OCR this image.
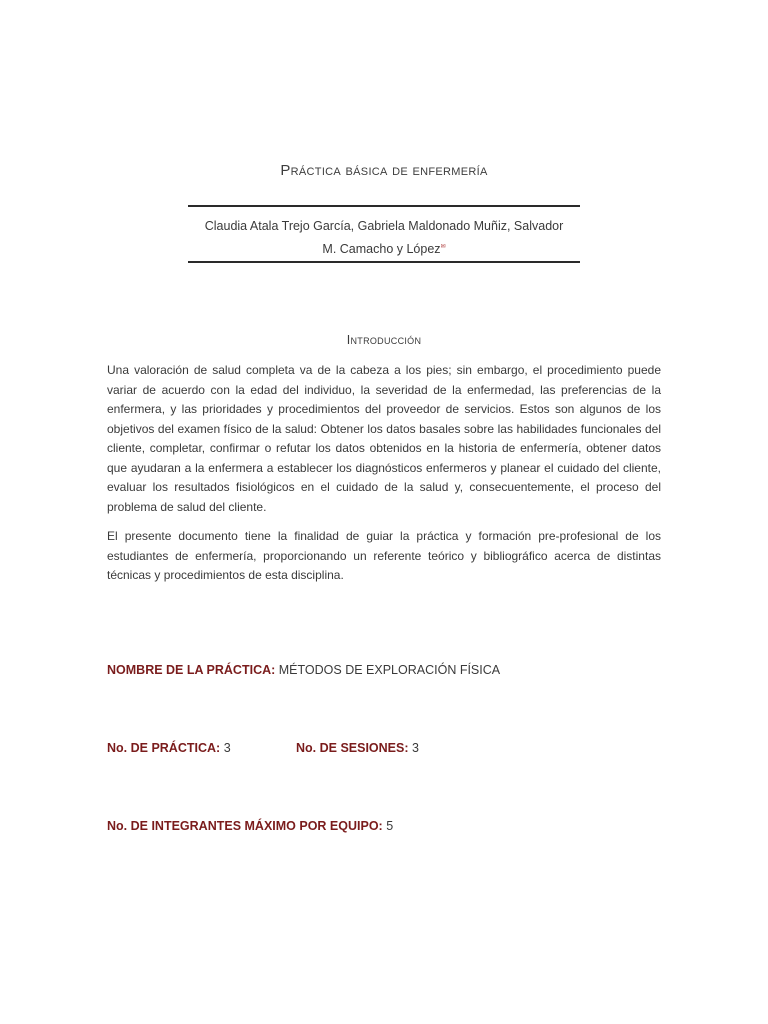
Práctica básica de enfermería
Claudia Atala Trejo García, Gabriela Maldonado Muñiz, Salvador
M. Camacho y López✉
Introducción

Una valoración de salud completa va de la cabeza a los pies; sin embargo, el procedimiento puede variar de acuerdo con la edad del individuo, la severidad de la enfermedad, las preferencias de la enfermera, y las prioridades y procedimientos del proveedor de servicios. Estos son algunos de los objetivos del examen físico de la salud: Obtener los datos basales sobre las habilidades funcionales del cliente, completar, confirmar o refutar los datos obtenidos en la historia de enfermería, obtener datos que ayudaran a la enfermera a establecer los diagnósticos enfermeros y planear el cuidado del cliente, evaluar los resultados fisiológicos en el cuidado de la salud y, consecuentemente, el proceso del problema de salud del cliente.

El presente documento tiene la finalidad de guiar la práctica y formación pre-profesional de los estudiantes de enfermería, proporcionando un referente teórico y bibliográfico acerca de distintas técnicas y procedimientos de esta disciplina.

NOMBRE DE LA PRÁCTICA: MÉTODOS DE EXPLORACIÓN FÍSICA
No. DE PRÁCTICA: 3	No. DE SESIONES: 3
No. DE INTEGRANTES MÁXIMO POR EQUIPO: 5
